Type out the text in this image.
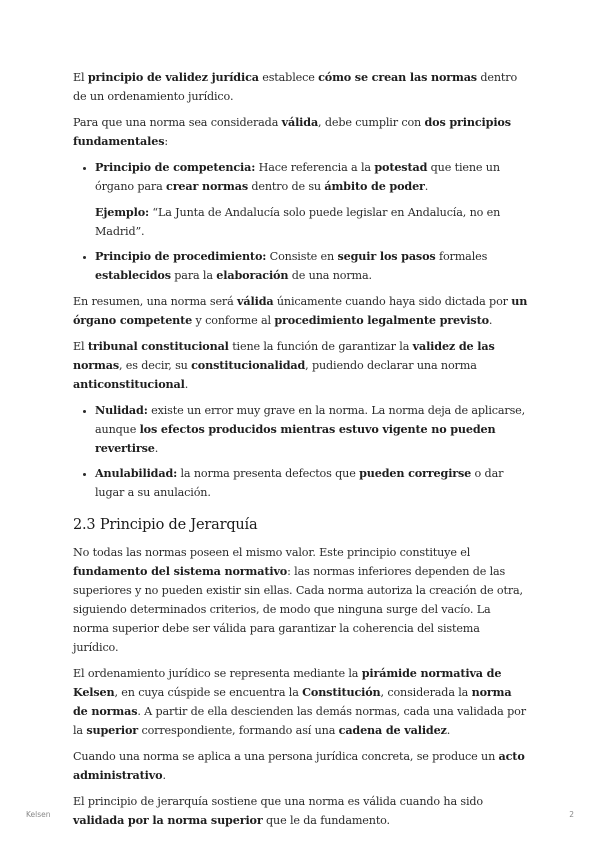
El principio de validez jurídica establece cómo se crean las normas dentro de un ordenamiento jurídico.

Para que una norma sea considerada válida, debe cumplir con dos principios fundamentales:

• Principio de competencia: Hace referencia a la potestad que tiene un órgano para crear normas dentro de su ámbito de poder.

Ejemplo: “La Junta de Andalucía solo puede legislar en Andalucía, no en Madrid”.

• Principio de procedimiento: Consiste en seguir los pasos formales establecidos para la elaboración de una norma.

En resumen, una norma será válida únicamente cuando haya sido dictada por un órgano competente y conforme al procedimiento legalmente previsto.

El tribunal constitucional tiene la función de garantizar la validez de las normas, es decir, su constitucionalidad, pudiendo declarar una norma anticonstitucional.

• Nulidad: existe un error muy grave en la norma. La norma deja de aplicarse, aunque los efectos producidos mientras estuvo vigente no pueden revertirse.
• Anulabilidad: la norma presenta defectos que pueden corregirse o dar lugar a su anulación.
2.3 Principio de Jerarquía

No todas las normas poseen el mismo valor. Este principio constituye el fundamento del sistema normativo: las normas inferiores dependen de las superiores y no pueden existir sin ellas. Cada norma autoriza la creación de otra, siguiendo determinados criterios, de modo que ninguna surge del vacío. La norma superior debe ser válida para garantizar la coherencia del sistema jurídico.

El ordenamiento jurídico se representa mediante la pirámide normativa de Kelsen, en cuya cúspide se encuentra la Constitución, considerada la norma de normas. A partir de ella descienden las demás normas, cada una validada por la superior correspondiente, formando así una cadena de validez.

Cuando una norma se aplica a una persona jurídica concreta, se produce un acto administrativo.

El principio de jerarquía sostiene que una norma es válida cuando ha sido validada por la norma superior que le da fundamento.

Kelsen	2
